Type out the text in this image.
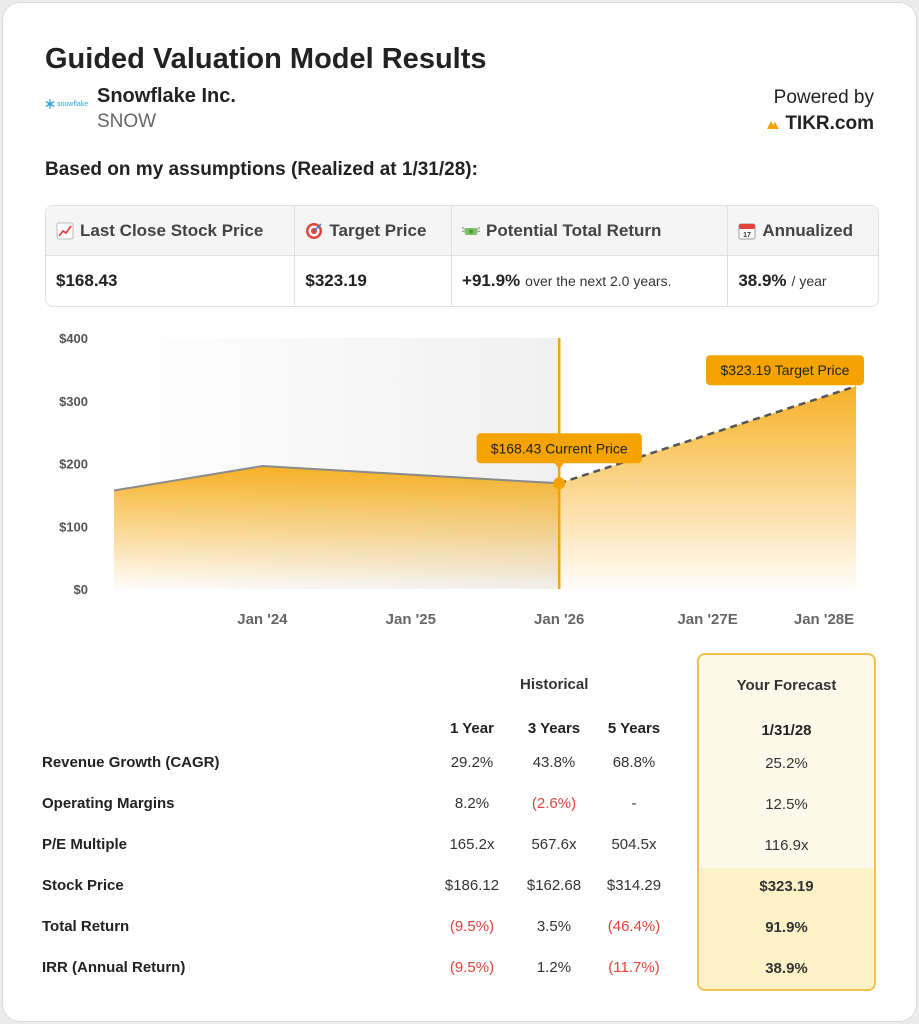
Guided Valuation Model Results
snowflake Snowflake Inc.
SNOW
Powered by
TIKR.com
Based on my assumptions (Realized at 1/31/28):
Last Close Stock Price	Target Price	Potential Total Return	17 Annualized
$168.43	$323.19	+91.9% over the next 2.0 years.	38.9% / year
$400
$300
$200
$100
$0
Jan '24	Jan '25	Jan '26	Jan '27E	Jan '28E
$168.43 Current Price
$323.19 Target Price
Historical	Your Forecast
1 Year	3 Years	5 Years	1/31/28
Revenue Growth (CAGR)	29.2%	43.8%	68.8%	25.2%
Operating Margins	8.2%	(2.6%)	-	12.5%
P/E Multiple	165.2x	567.6x	504.5x	116.9x
Stock Price	$186.12	$162.68	$314.29	$323.19
Total Return	(9.5%)	3.5%	(46.4%)	91.9%
IRR (Annual Return)	(9.5%)	1.2%	(11.7%)	38.9%
